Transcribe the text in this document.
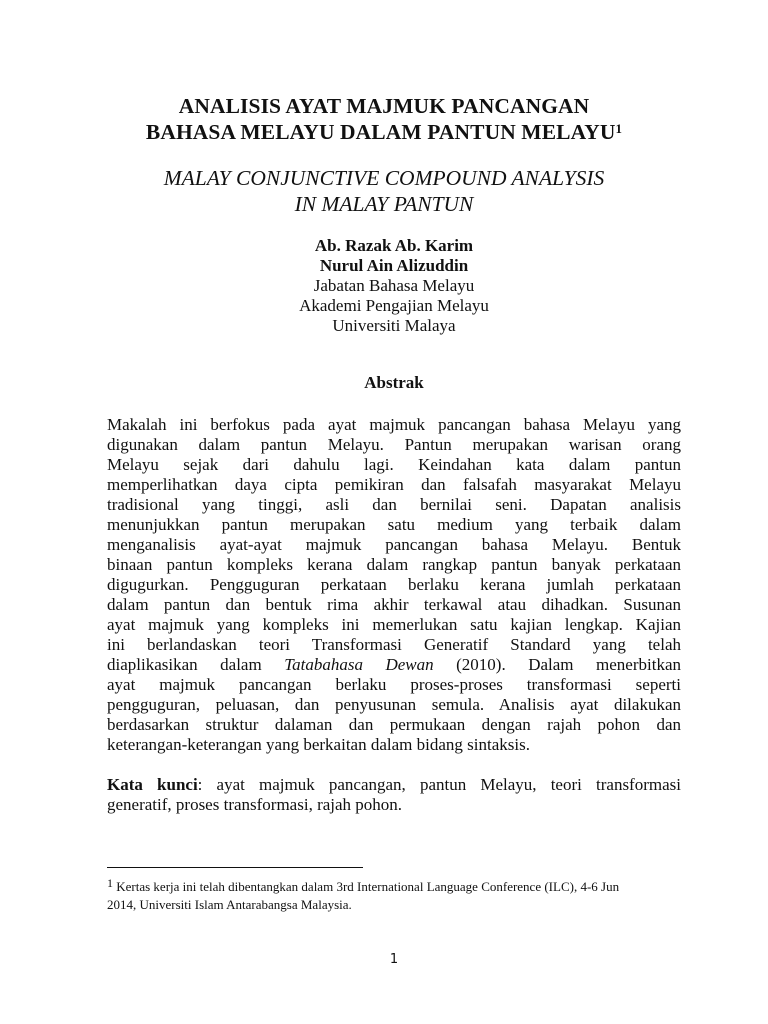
ANALISIS AYAT MAJMUK PANCANGAN
BAHASA MELAYU DALAM PANTUN MELAYU$^1$
MALAY CONJUNCTIVE COMPOUND ANALYSIS
IN MALAY PANTUN
Ab. Razak Ab. Karim
Nurul Ain Alizuddin
Jabatan Bahasa Melayu
Akademi Pengajian Melayu
Universiti Malaya
Abstrak
Makalah ini berfokus pada ayat majmuk pancangan bahasa Melayu yang
digunakan dalam pantun Melayu. Pantun merupakan warisan orang
Melayu sejak dari dahulu lagi. Keindahan kata dalam pantun
memperlihatkan daya cipta pemikiran dan falsafah masyarakat Melayu
tradisional yang tinggi, asli dan bernilai seni. Dapatan analisis
menunjukkan pantun merupakan satu medium yang terbaik dalam
menganalisis ayat-ayat majmuk pancangan bahasa Melayu. Bentuk
binaan pantun kompleks kerana dalam rangkap pantun banyak perkataan
digugurkan. Pengguguran perkataan berlaku kerana jumlah perkataan
dalam pantun dan bentuk rima akhir terkawal atau dihadkan. Susunan
ayat majmuk yang kompleks ini memerlukan satu kajian lengkap. Kajian
ini berlandaskan teori Transformasi Generatif Standard yang telah
diaplikasikan dalam Tatabahasa Dewan (2010). Dalam menerbitkan
ayat majmuk pancangan berlaku proses-proses transformasi seperti
pengguguran, peluasan, dan penyusunan semula. Analisis ayat dilakukan
berdasarkan struktur dalaman dan permukaan dengan rajah pohon dan
keterangan-keterangan yang berkaitan dalam bidang sintaksis.
Kata kunci: ayat majmuk pancangan, pantun Melayu, teori transformasi
generatif, proses transformasi, rajah pohon.
$^1$ Kertas kerja ini telah dibentangkan dalam 3rd International Language Conference (ILC), 4-6 Jun
2014, Universiti Islam Antarabangsa Malaysia.
1
